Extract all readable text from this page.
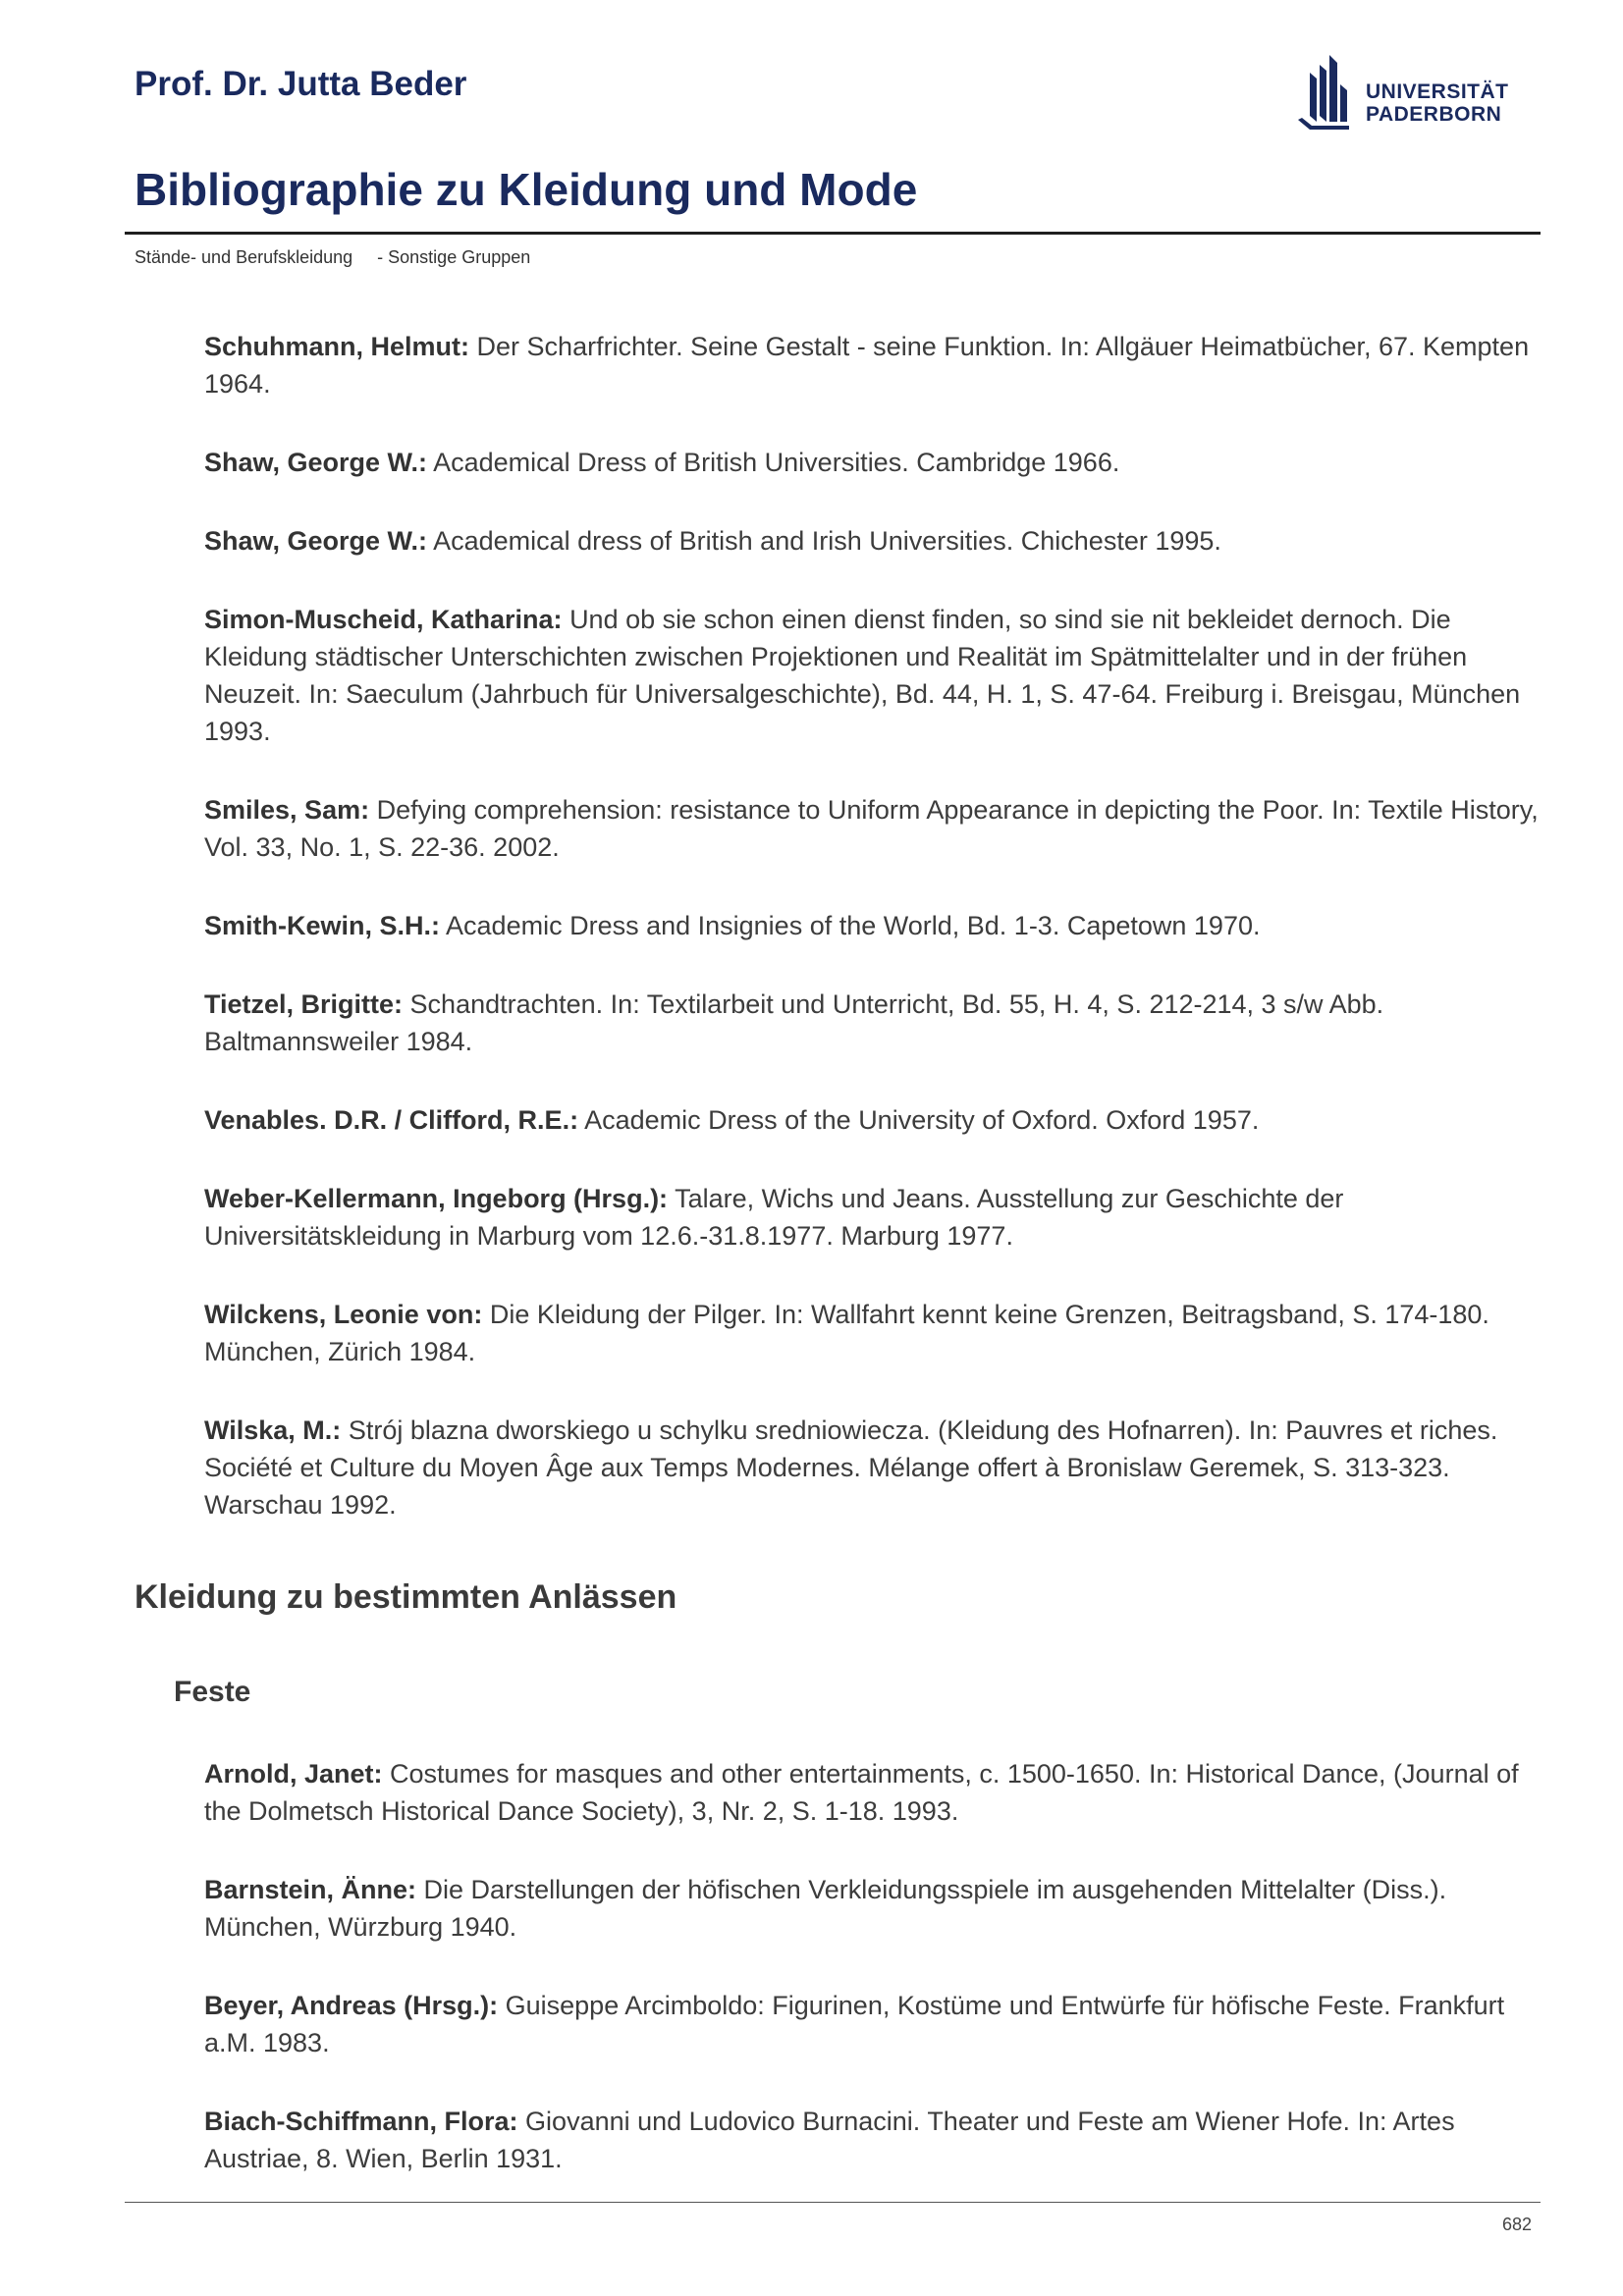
Prof. Dr. Jutta Beder	UNIVERSITÄT
PADERBORN
Bibliographie zu Kleidung und Mode
Stände- und Berufskleidung     - Sonstige Gruppen

Schuhmann, Helmut: Der Scharfrichter. Seine Gestalt - seine Funktion. In: Allgäuer Heimatbücher, 67. Kempten 1964.

Shaw, George W.: Academical Dress of British Universities. Cambridge 1966.

Shaw, George W.: Academical dress of British and Irish Universities. Chichester 1995.

Simon-Muscheid, Katharina: Und ob sie schon einen dienst finden, so sind sie nit bekleidet dernoch. Die Kleidung städtischer Unterschichten zwischen Projektionen und Realität im Spätmittelalter und in der frühen Neuzeit. In: Saeculum (Jahrbuch für Universalgeschichte), Bd. 44, H. 1, S. 47-64. Freiburg i. Breisgau, München 1993.

Smiles, Sam: Defying comprehension: resistance to Uniform Appearance in depicting the Poor. In: Textile History, Vol. 33, No. 1, S. 22-36. 2002.

Smith-Kewin, S.H.: Academic Dress and Insignies of the World, Bd. 1-3. Capetown 1970.

Tietzel, Brigitte: Schandtrachten. In: Textilarbeit und Unterricht, Bd. 55, H. 4, S. 212-214, 3 s/w Abb. Baltmannsweiler 1984.

Venables. D.R. / Clifford, R.E.: Academic Dress of the University of Oxford. Oxford 1957.

Weber-Kellermann, Ingeborg (Hrsg.): Talare, Wichs und Jeans. Ausstellung zur Geschichte der Universitätskleidung in Marburg vom 12.6.-31.8.1977. Marburg 1977.

Wilckens, Leonie von: Die Kleidung der Pilger. In: Wallfahrt kennt keine Grenzen, Beitragsband, S. 174-180. München, Zürich 1984.

Wilska, M.: Strój blazna dworskiego u schylku sredniowiecza. (Kleidung des Hofnarren). In: Pauvres et riches. Société et Culture du Moyen Âge aux Temps Modernes. Mélange offert à Bronislaw Geremek, S. 313-323. Warschau 1992.

Kleidung zu bestimmten Anlässen
Feste

Arnold, Janet: Costumes for masques and other entertainments, c. 1500-1650. In: Historical Dance, (Journal of the Dolmetsch Historical Dance Society), 3, Nr. 2, S. 1-18. 1993.

Barnstein, Änne: Die Darstellungen der höfischen Verkleidungsspiele im ausgehenden Mittelalter (Diss.). München, Würzburg 1940.

Beyer, Andreas (Hrsg.): Guiseppe Arcimboldo: Figurinen, Kostüme und Entwürfe für höfische Feste. Frankfurt a.M. 1983.

Biach-Schiffmann, Flora: Giovanni und Ludovico Burnacini. Theater und Feste am Wiener Hofe. In: Artes Austriae, 8. Wien, Berlin 1931.

682
